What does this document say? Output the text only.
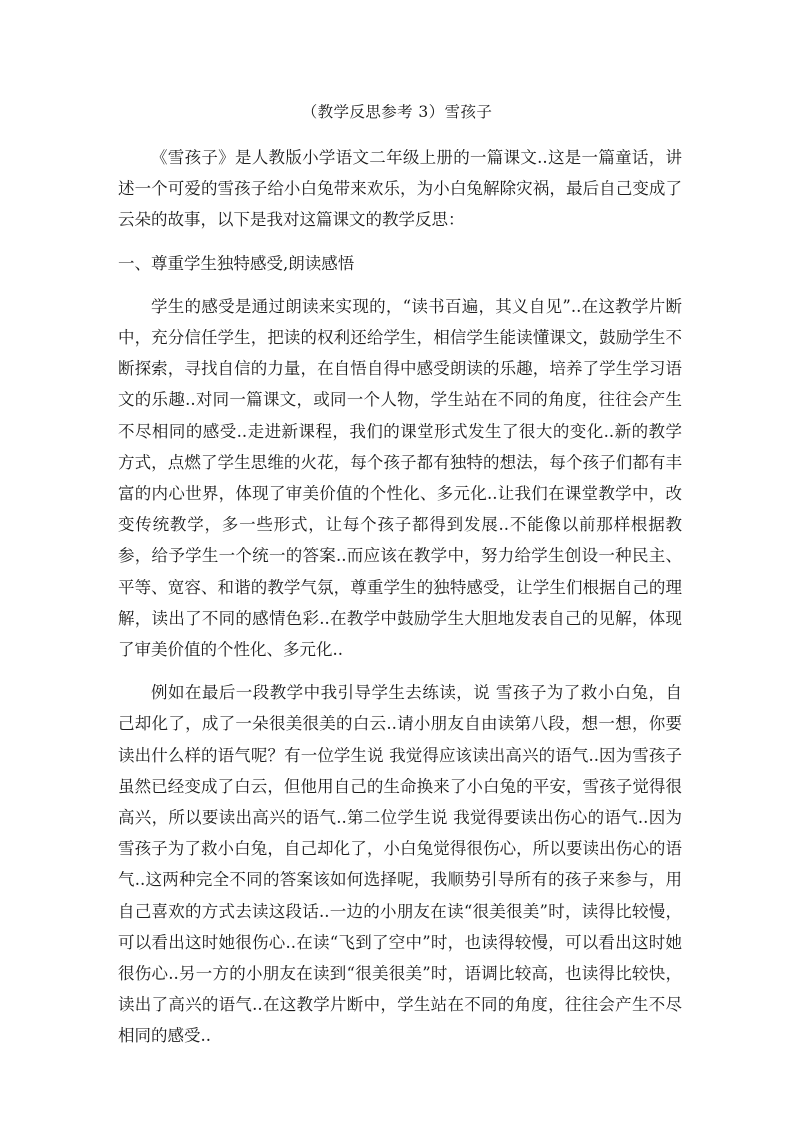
（教学反思参考 3）雪孩子

《雪孩子》是人教版小学语文二年级上册的一篇课文..这是一篇童话，讲述一个可爱的雪孩子给小白兔带来欢乐，为小白兔解除灾祸，最后自己变成了云朵的故事，以下是我对这篇课文的教学反思：

一、尊重学生独特感受,朗读感悟

学生的感受是通过朗读来实现的，“读书百遍，其义自见”..在这教学片断中，充分信任学生，把读的权利还给学生，相信学生能读懂课文，鼓励学生不断探索，寻找自信的力量，在自悟自得中感受朗读的乐趣，培养了学生学习语文的乐趣..对同一篇课文，或同一个人物，学生站在不同的角度，往往会产生不尽相同的感受..走进新课程，我们的课堂形式发生了很大的变化..新的教学方式，点燃了学生思维的火花，每个孩子都有独特的想法，每个孩子们都有丰富的内心世界，体现了审美价值的个性化、多元化..让我们在课堂教学中，改变传统教学，多一些形式，让每个孩子都得到发展..不能像以前那样根据教参，给予学生一个统一的答案..而应该在教学中，努力给学生创设一种民主、平等、宽容、和谐的教学气氛，尊重学生的独特感受，让学生们根据自己的理解，读出了不同的感情色彩..在教学中鼓励学生大胆地发表自己的见解，体现了审美价值的个性化、多元化..

例如在最后一段教学中我引导学生去练读，说 雪孩子为了救小白兔，自己却化了，成了一朵很美很美的白云..请小朋友自由读第八段，想一想，你要读出什么样的语气呢？有一位学生说 我觉得应该读出高兴的语气..因为雪孩子虽然已经变成了白云，但他用自己的生命换来了小白兔的平安，雪孩子觉得很高兴，所以要读出高兴的语气..第二位学生说 我觉得要读出伤心的语气..因为雪孩子为了救小白兔，自己却化了，小白兔觉得很伤心，所以要读出伤心的语气..这两种完全不同的答案该如何选择呢，我顺势引导所有的孩子来参与，用自己喜欢的方式去读这段话..一边的小朋友在读“很美很美”时，读得比较慢，可以看出这时她很伤心..在读“飞到了空中”时，也读得较慢，可以看出这时她很伤心..另一方的小朋友在读到“很美很美”时，语调比较高，也读得比较快，读出了高兴的语气..在这教学片断中，学生站在不同的角度，往往会产生不尽相同的感受..
